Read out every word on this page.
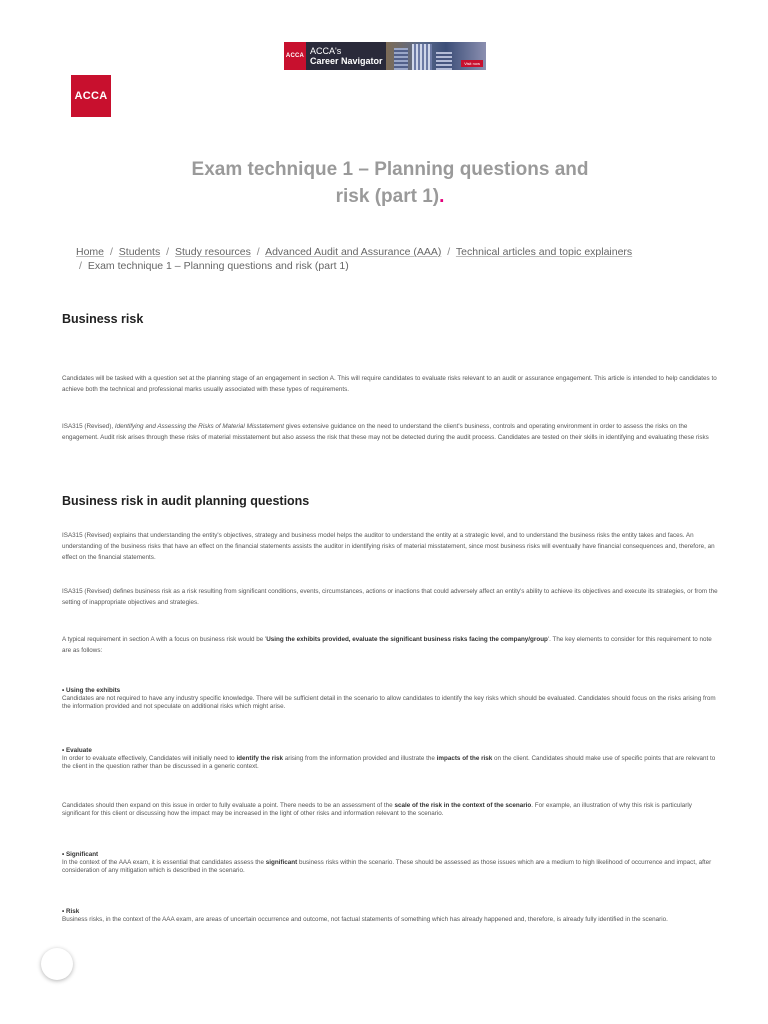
ACCA ACCA's
Career Navigator	Visit now
ACCA
Exam technique 1 – Planning questions and risk (part 1).
Home / Students / Study resources / Advanced Audit and Assurance (AAA) / Technical articles and topic explainers
/ Exam technique 1 – Planning questions and risk (part 1)
Business risk

Candidates will be tasked with a question set at the planning stage of an engagement in section A. This will require candidates to evaluate risks relevant to an audit or assurance engagement. This article is intended to help candidates to achieve both the technical and professional marks usually associated with these types of requirements.

ISA315 (Revised), Identifying and Assessing the Risks of Material Misstatement gives extensive guidance on the need to understand the client's business, controls and operating environment in order to assess the risks on the engagement. Audit risk arises through these risks of material misstatement but also assess the risk that these may not be detected during the audit process. Candidates are tested on their skills in identifying and evaluating these risks

Business risk in audit planning questions

ISA315 (Revised) explains that understanding the entity's objectives, strategy and business model helps the auditor to understand the entity at a strategic level, and to understand the business risks the entity takes and faces. An understanding of the business risks that have an effect on the financial statements assists the auditor in identifying risks of material misstatement, since most business risks will eventually have financial consequences and, therefore, an effect on the financial statements.

ISA315 (Revised) defines business risk as a risk resulting from significant conditions, events, circumstances, actions or inactions that could adversely affect an entity's ability to achieve its objectives and execute its strategies, or from the setting of inappropriate objectives and strategies.

A typical requirement in section A with a focus on business risk would be 'Using the exhibits provided, evaluate the significant business risks facing the company/group'. The key elements to consider for this requirement to note are as follows:

• Using the exhibits
Candidates are not required to have any industry specific knowledge. There will be sufficient detail in the scenario to allow candidates to identify the key risks which should be evaluated. Candidates should focus on the risks arising from the information provided and not speculate on additional risks which might arise.

• Evaluate
In order to evaluate effectively, Candidates will initially need to identify the risk arising from the information provided and illustrate the impacts of the risk on the client. Candidates should make use of specific points that are relevant to the client in the question rather than be discussed in a generic context.

Candidates should then expand on this issue in order to fully evaluate a point. There needs to be an assessment of the scale of the risk in the context of the scenario. For example, an illustration of why this risk is particularly significant for this client or discussing how the impact may be increased in the light of other risks and information relevant to the scenario.

• Significant
In the context of the AAA exam, it is essential that candidates assess the significant business risks within the scenario. These should be assessed as those issues which are a medium to high likelihood of occurrence and impact, after consideration of any mitigation which is described in the scenario.

• Risk
Business risks, in the context of the AAA exam, are areas of uncertain occurrence and outcome, not factual statements of something which has already happened and, therefore, is already fully identified in the scenario.
